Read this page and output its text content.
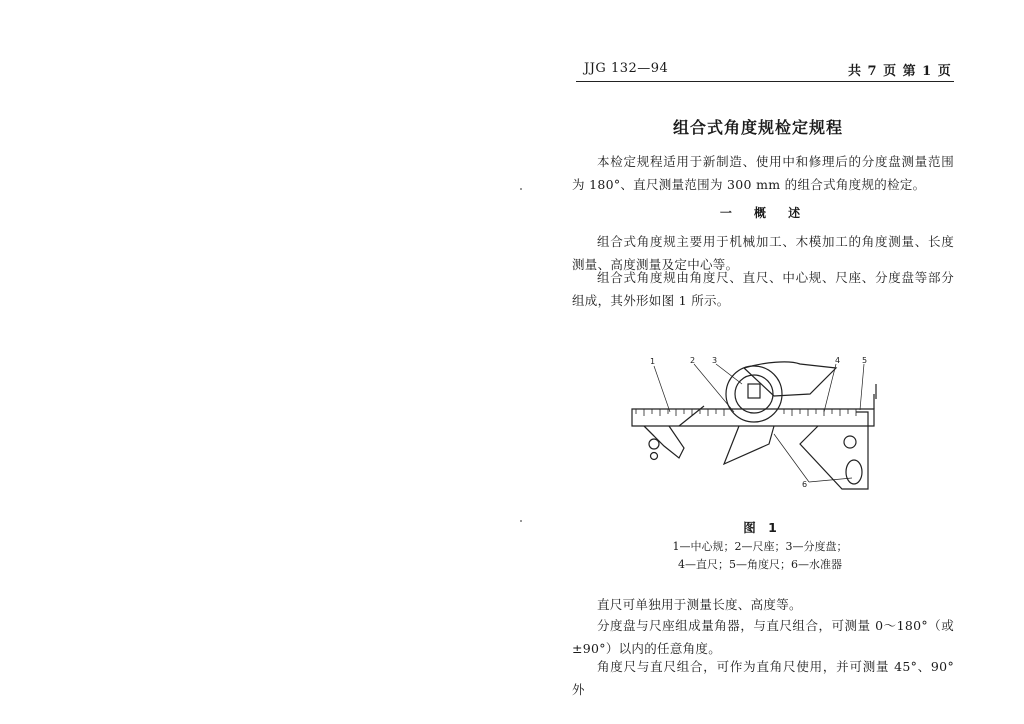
JJG 132—94	共 7 页 第 1 页
组合式角度规检定规程
本检定规程适用于新制造、使用中和修理后的分度盘测量范围为 180°、直尺测量范围为 300 mm 的组合式角度规的检定。
一 概 述
组合式角度规主要用于机械加工、木模加工的角度测量、长度测量、高度测量及定中心等。
组合式角度规由角度尺、直尺、中心规、尺座、分度盘等部分组成，其外形如图 1 所示。
1	2 3	4	5
6
图 1
1—中心规；2—尺座；3—分度盘；
4—直尺；5—角度尺；6—水准器
直尺可单独用于测量长度、高度等。
分度盘与尺座组成量角器，与直尺组合，可测量 0～180°（或 ±90°）以内的任意角度。
角度尺与直尺组合，可作为直角尺使用，并可测量 45°、90° 外
